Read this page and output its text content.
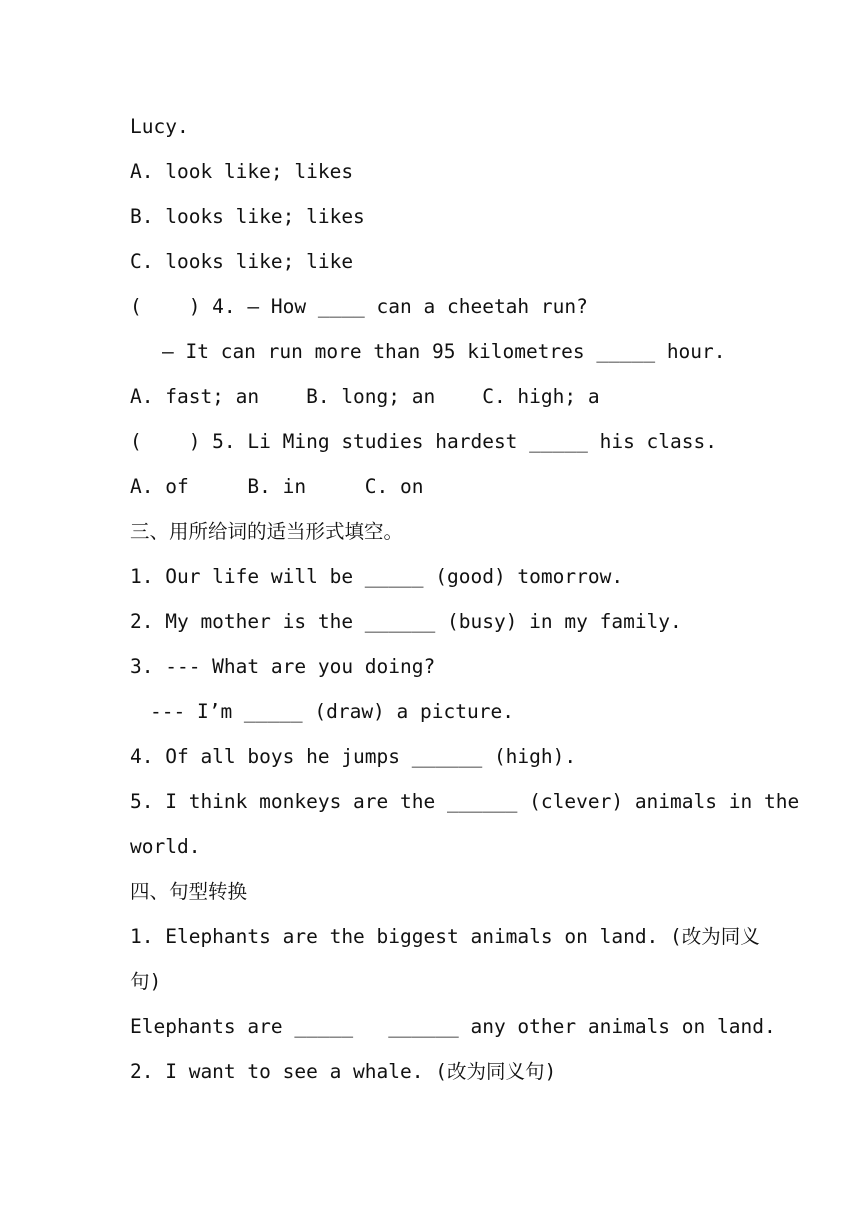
Lucy.
A. look like; likes
B. looks like; likes
C. looks like; like
(    ) 4. — How ____ can a cheetah run?
— It can run more than 95 kilometres _____ hour.
A. fast; an    B. long; an    C. high; a
(    ) 5. Li Ming studies hardest _____ his class.
A. of     B. in     C. on
三、用所给词的适当形式填空。
1. Our life will be _____ (good) tomorrow.
2. My mother is the ______ (busy) in my family.
3. --- What are you doing?
--- I’m _____ (draw) a picture.
4. Of all boys he jumps ______ (high).
5. I think monkeys are the ______ (clever) animals in the
world.
四、句型转换
1. Elephants are the biggest animals on land. (改为同义
句)
Elephants are _____   ______ any other animals on land.
2. I want to see a whale. (改为同义句)
